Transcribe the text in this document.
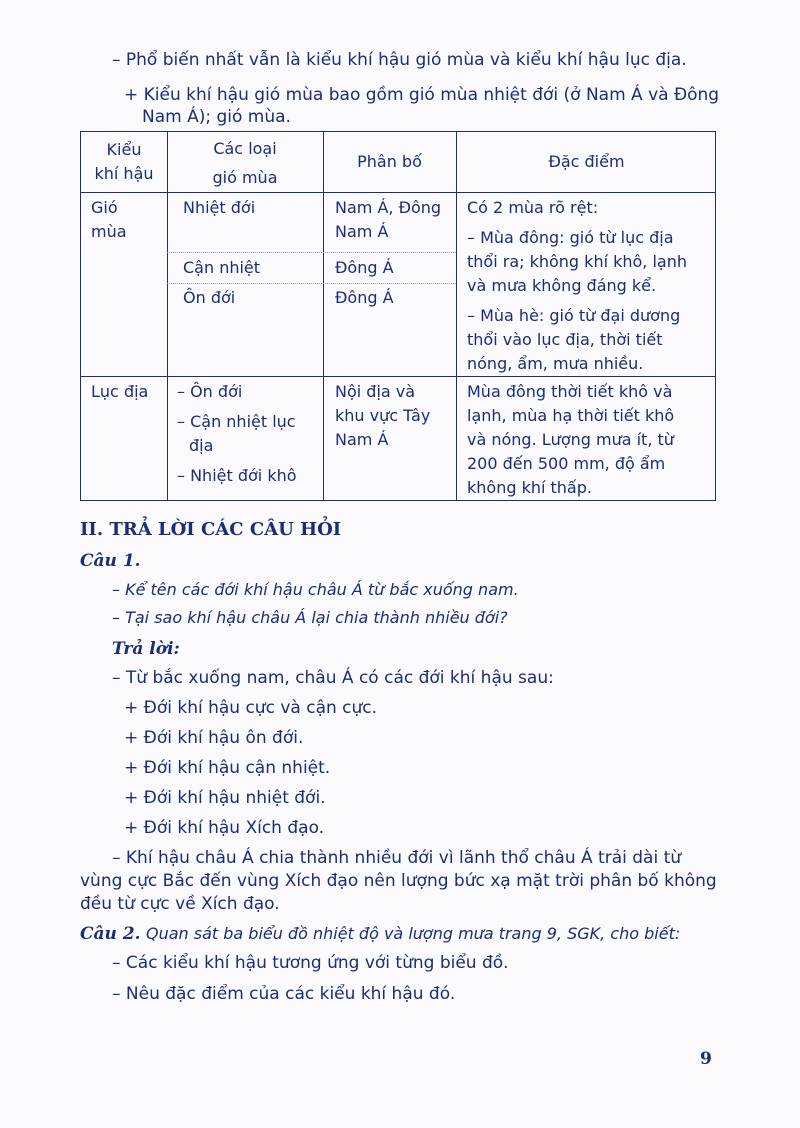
– Phổ biến nhất vẫn là kiểu khí hậu gió mùa và kiểu khí hậu lục địa.
+ Kiểu khí hậu gió mùa bao gồm gió mùa nhiệt đới (ở Nam Á và Đông
Nam Á); gió mùa.
Kiểu
khí hậu
Các loại
gió mùa
Phân bố	Đặc điểm
Gió
mùa
Nhiệt đới
Cận nhiệt
Ôn đới
Nam Á, Đông
Nam Á
Đông Á
Đông Á
Có 2 mùa rõ rệt:
– Mùa đông: gió từ lục địa
thổi ra; không khí khô, lạnh
và mưa không đáng kể.
– Mùa hè: gió từ đại dương
thổi vào lục địa, thời tiết
nóng, ẩm, mưa nhiều.
Lục địa – Ôn đới
– Cận nhiệt lục
địa
– Nhiệt đới khô
Nội địa và
khu vực Tây
Nam Á
Mùa đông thời tiết khô và
lạnh, mùa hạ thời tiết khô
và nóng. Lượng mưa ít, từ
200 đến 500 mm, độ ẩm
không khí thấp.
II. TRẢ LỜI CÁC CÂU HỎI
Câu 1.
– Kể tên các đới khí hậu châu Á từ bắc xuống nam.
– Tại sao khí hậu châu Á lại chia thành nhiều đới?
Trả lời:
– Từ bắc xuống nam, châu Á có các đới khí hậu sau:
+ Đới khí hậu cực và cận cực.
+ Đới khí hậu ôn đới.
+ Đới khí hậu cận nhiệt.
+ Đới khí hậu nhiệt đới.
+ Đới khí hậu Xích đạo.
– Khí hậu châu Á chia thành nhiều đới vì lãnh thổ châu Á trải dài từ
vùng cực Bắc đến vùng Xích đạo nên lượng bức xạ mặt trời phân bố không
đều từ cực về Xích đạo.
Câu 2. Quan sát ba biểu đồ nhiệt độ và lượng mưa trang 9, SGK, cho biết:
– Các kiểu khí hậu tương ứng với từng biểu đồ.
– Nêu đặc điểm của các kiểu khí hậu đó.
9
